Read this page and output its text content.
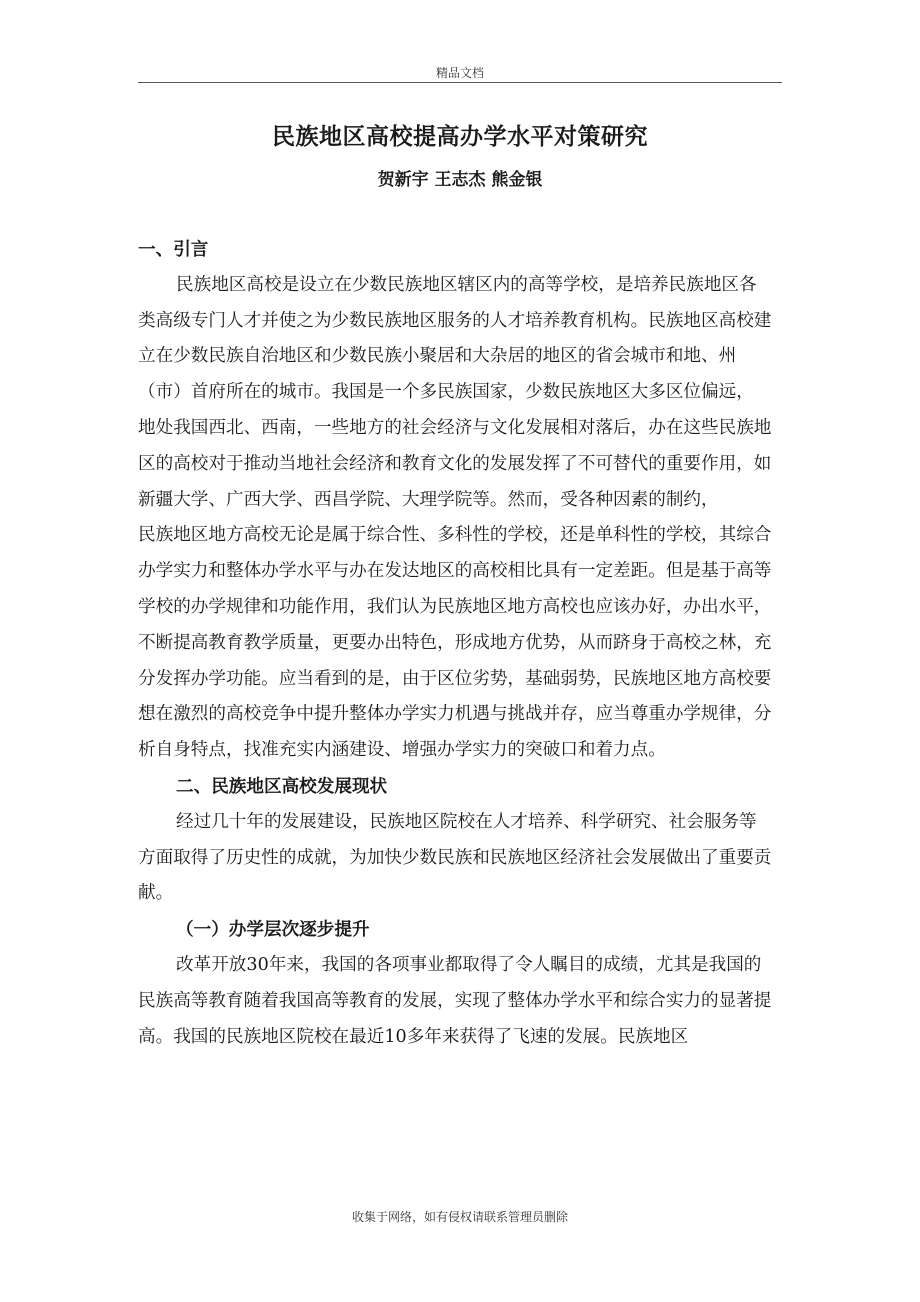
精品文档
民族地区高校提高办学水平对策研究
贺新宇 王志杰 熊金银

一、引言

民族地区高校是设立在少数民族地区辖区内的高等学校，是培养民族地区各类高级专门人才并使之为少数民族地区服务的人才培养教育机构。民族地区高校建立在少数民族自治地区和少数民族小聚居和大杂居的地区的省会城市和地、州（市）首府所在的城市。我国是一个多民族国家，少数民族地区大多区位偏远，

地处我国西北、西南，一些地方的社会经济与文化发展相对落后，办在这些民族地区的高校对于推动当地社会经济和教育文化的发展发挥了不可替代的重要作用，如新疆大学、广西大学、西昌学院、大理学院等。然而，受各种因素的制约，

民族地区地方高校无论是属于综合性、多科性的学校，还是单科性的学校，其综合办学实力和整体办学水平与办在发达地区的高校相比具有一定差距。但是基于高等学校的办学规律和功能作用，我们认为民族地区地方高校也应该办好，办出水平，不断提高教育教学质量，更要办出特色，形成地方优势，从而跻身于高校之林，充分发挥办学功能。应当看到的是，由于区位劣势，基础弱势，民族地区地方高校要想在激烈的高校竞争中提升整体办学实力机遇与挑战并存，应当尊重办学规律，分析自身特点，找准充实内涵建设、增强办学实力的突破口和着力点。

二、民族地区高校发展现状

经过几十年的发展建设，民族地区院校在人才培养、科学研究、社会服务等方面取得了历史性的成就，为加快少数民族和民族地区经济社会发展做出了重要贡献。

（一）办学层次逐步提升

改革开放30年来，我国的各项事业都取得了令人瞩目的成绩，尤其是我国的民族高等教育随着我国高等教育的发展，实现了整体办学水平和综合实力的显著提高。我国的民族地区院校在最近10多年来获得了飞速的发展。民族地区

收集于网络，如有侵权请联系管理员删除
